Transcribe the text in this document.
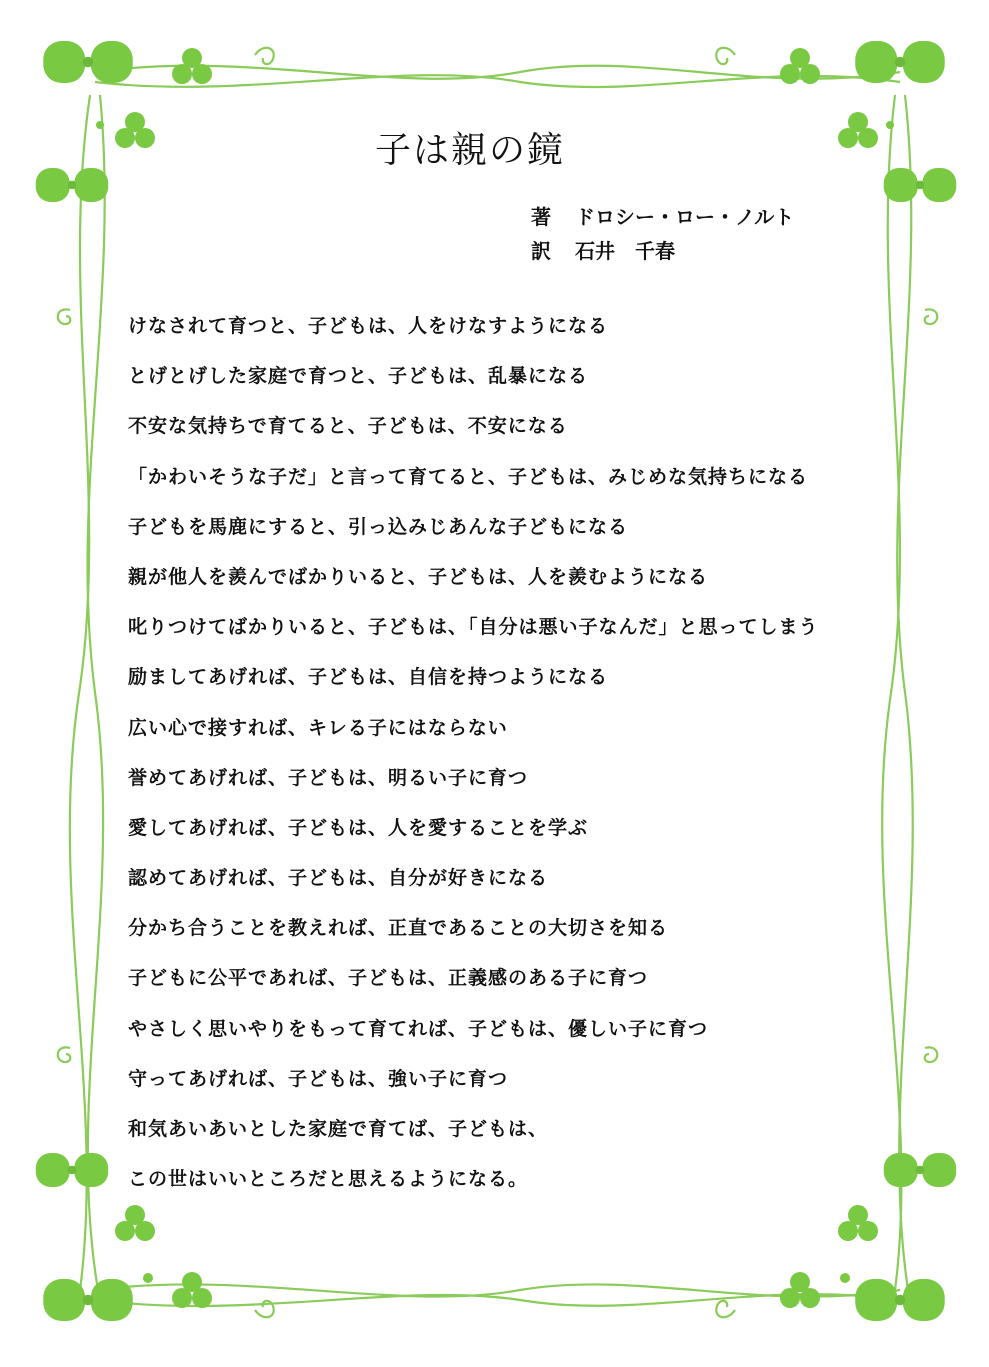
子は親の鏡
著 ドロシー・ロー・ノルト
訳 石井　千春
けなされて育つと、子どもは、人をけなすようになる
とげとげした家庭で育つと、子どもは、乱暴になる
不安な気持ちで育てると、子どもは、不安になる
「かわいそうな子だ」と言って育てると、子どもは、みじめな気持ちになる
子どもを馬鹿にすると、引っ込みじあんな子どもになる
親が他人を羨んでばかりいると、子どもは、人を羨むようになる
叱りつけてばかりいると、子どもは、「自分は悪い子なんだ」と思ってしまう
励ましてあげれば、子どもは、自信を持つようになる
広い心で接すれば、キレる子にはならない
誉めてあげれば、子どもは、明るい子に育つ
愛してあげれば、子どもは、人を愛することを学ぶ
認めてあげれば、子どもは、自分が好きになる
分かち合うことを教えれば、正直であることの大切さを知る
子どもに公平であれば、子どもは、正義感のある子に育つ
やさしく思いやりをもって育てれば、子どもは、優しい子に育つ
守ってあげれば、子どもは、強い子に育つ
和気あいあいとした家庭で育てば、子どもは、
この世はいいところだと思えるようになる。
